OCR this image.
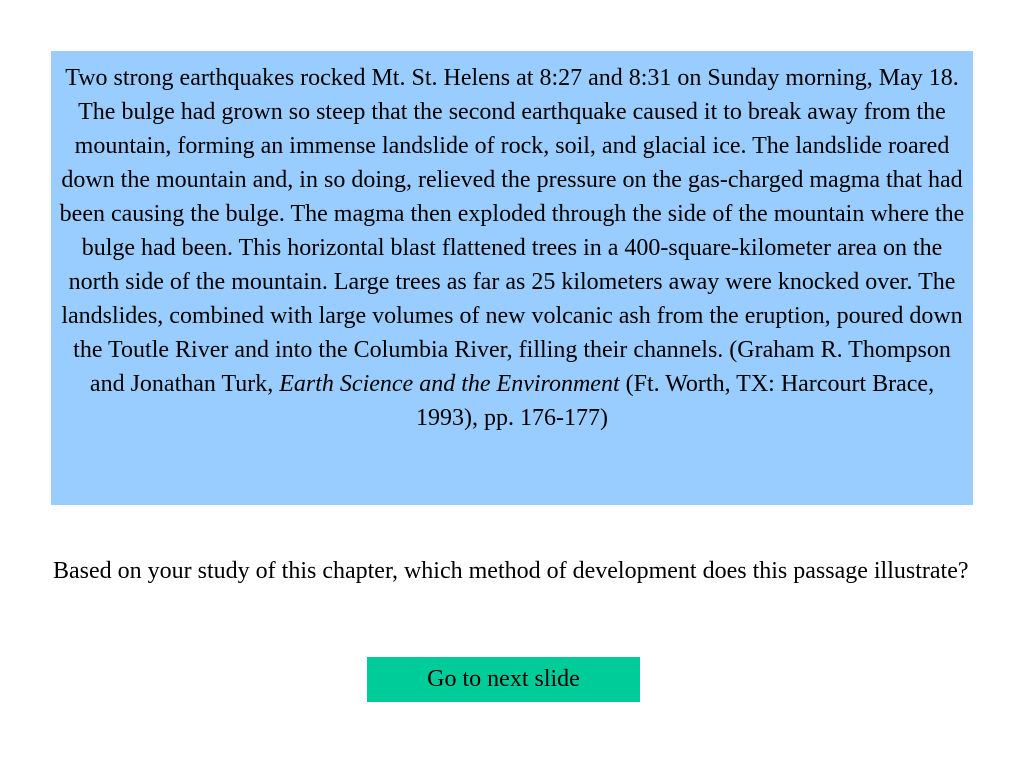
Two strong earthquakes rocked Mt. St. Helens at 8:27 and 8:31 on Sunday morning, May 18. The bulge had grown so steep that the second earthquake caused it to break away from the mountain, forming an immense landslide of rock, soil, and glacial ice. The landslide roared down the mountain and, in so doing, relieved the pressure on the gas-charged magma that had been causing the bulge. The magma then exploded through the side of the mountain where the bulge had been. This horizontal blast flattened trees in a 400-square-kilometer area on the north side of the mountain. Large trees as far as 25 kilometers away were knocked over. The landslides, combined with large volumes of new volcanic ash from the eruption, poured down the Toutle River and into the Columbia River, filling their channels. (Graham R. Thompson and Jonathan Turk, Earth Science and the Environment (Ft. Worth, TX: Harcourt Brace, 1993), pp. 176-177)
Based on your study of this chapter, which method of development does this passage illustrate?
Go to next slide
